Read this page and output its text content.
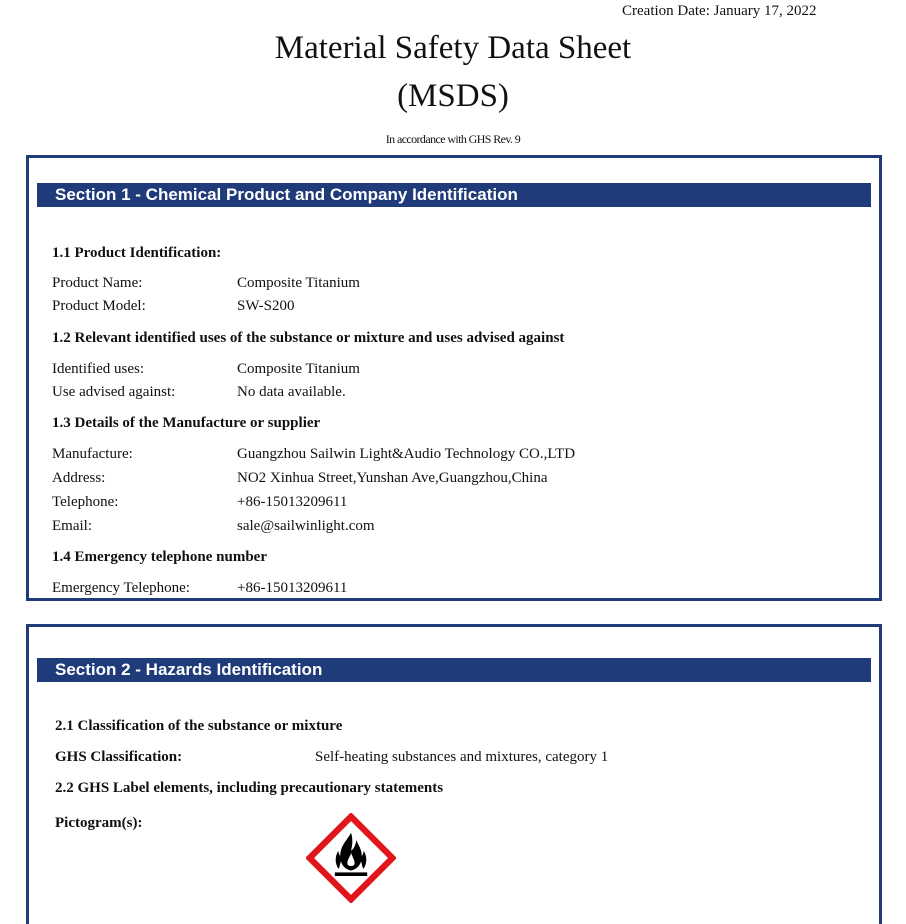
Creation Date: January 17, 2022
Material Safety Data Sheet
(MSDS)
In accordance with GHS Rev. 9
Section 1 - Chemical Product and Company Identification
1.1 Product Identification:
Product Name:	Composite Titanium
Product Model:	SW-S200
1.2 Relevant identified uses of the substance or mixture and uses advised against
Identified uses:	Composite Titanium
Use advised against:	No data available.
1.3 Details of the Manufacture or supplier
Manufacture:	Guangzhou Sailwin Light&Audio Technology CO.,LTD
Address:	NO2 Xinhua Street,Yunshan Ave,Guangzhou,China
Telephone:	+86-15013209611
Email:	sale@sailwinlight.com
1.4 Emergency telephone number
Emergency Telephone:	+86-15013209611
Section 2 - Hazards Identification
2.1 Classification of the substance or mixture
GHS Classification:	Self-heating substances and mixtures, category 1
2.2 GHS Label elements, including precautionary statements
Pictogram(s):
